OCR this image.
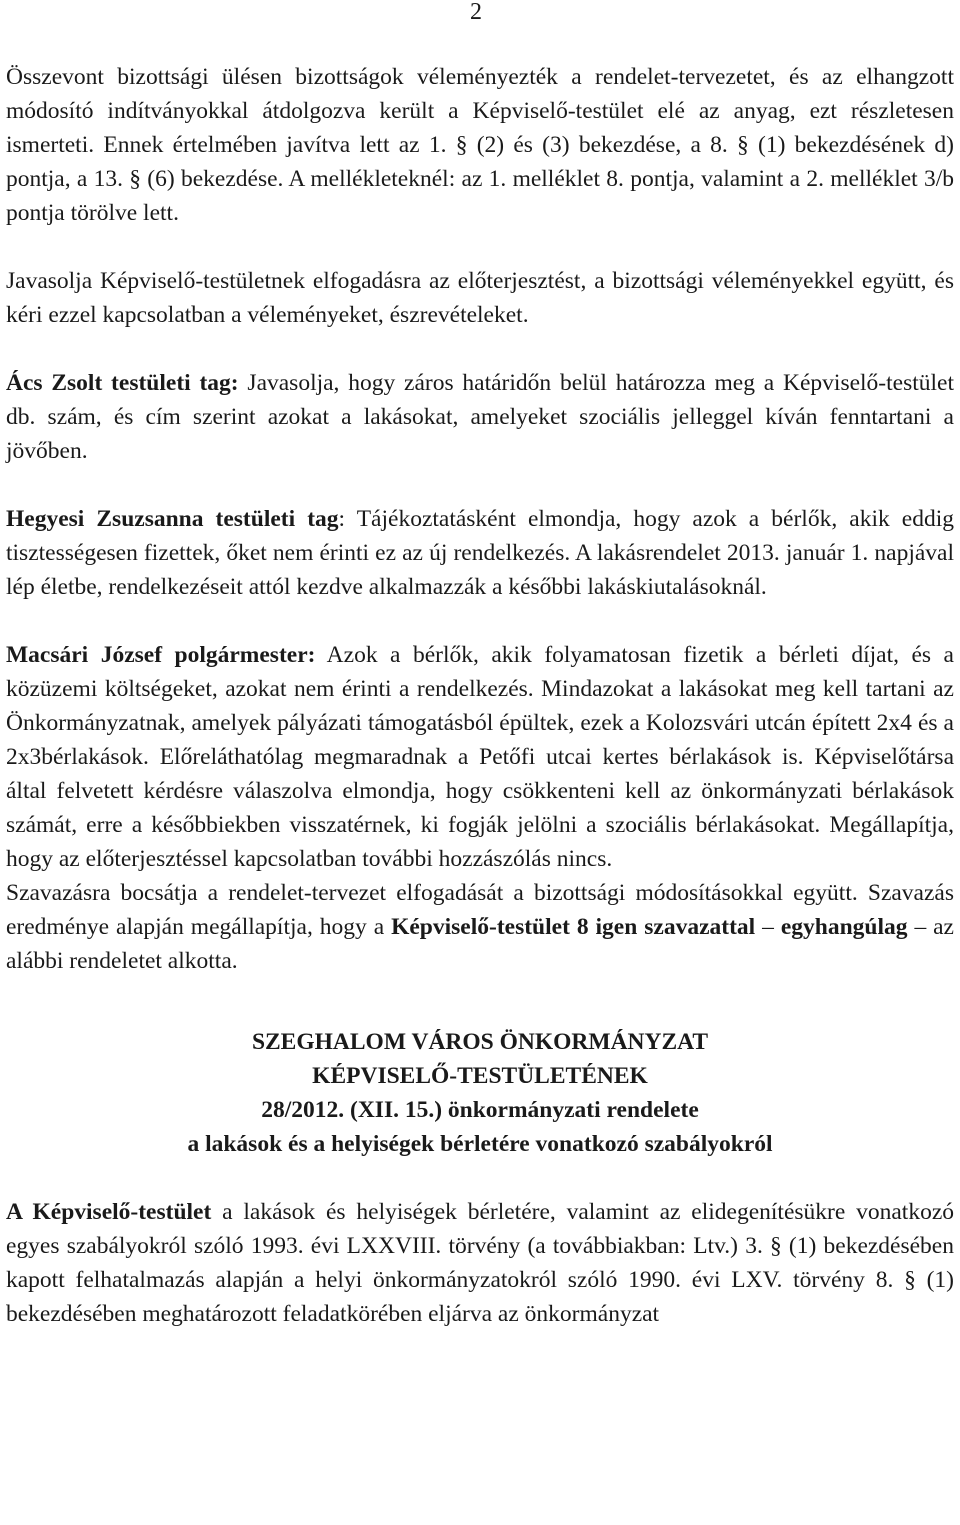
2

Összevont bizottsági ülésen bizottságok véleményezték a rendelet-tervezetet, és az elhangzott módosító indítványokkal átdolgozva került a Képviselő-testület elé az anyag, ezt részletesen ismerteti. Ennek értelmében javítva lett az 1. § (2) és (3) bekezdése, a 8. § (1) bekezdésének d) pontja, a 13. § (6) bekezdése. A mellékleteknél: az 1. melléklet 8. pontja, valamint a 2. melléklet 3/b pontja törölve lett.

Javasolja Képviselő-testületnek elfogadásra az előterjesztést, a bizottsági véleményekkel együtt, és kéri ezzel kapcsolatban a véleményeket, észrevételeket.

Ács Zsolt testületi tag: Javasolja, hogy záros határidőn belül határozza meg a Képviselő-testület db. szám, és cím szerint azokat a lakásokat, amelyeket szociális jelleggel kíván fenntartani a jövőben.

Hegyesi Zsuzsanna testületi tag: Tájékoztatásként elmondja, hogy azok a bérlők, akik eddig tisztességesen fizettek, őket nem érinti ez az új rendelkezés. A lakásrendelet 2013. január 1. napjával lép életbe, rendelkezéseit attól kezdve alkalmazzák a későbbi lakáskiutalásoknál.

Macsári József polgármester: Azok a bérlők, akik folyamatosan fizetik a bérleti díjat, és a közüzemi költségeket, azokat nem érinti a rendelkezés. Mindazokat a lakásokat meg kell tartani az Önkormányzatnak, amelyek pályázati támogatásból épültek, ezek a Kolozsvári utcán épített 2x4 és a 2x3bérlakások. Előreláthatólag megmaradnak a Petőfi utcai kertes bérlakások is. Képviselőtársa által felvetett kérdésre válaszolva elmondja, hogy csökkenteni kell az önkormányzati bérlakások számát, erre a későbbiekben visszatérnek, ki fogják jelölni a szociális bérlakásokat. Megállapítja, hogy az előterjesztéssel kapcsolatban további hozzászólás nincs.

Szavazásra bocsátja a rendelet-tervezet elfogadását a bizottsági módosításokkal együtt. Szavazás eredménye alapján megállapítja, hogy a Képviselő-testület 8 igen szavazattal – egyhangúlag – az alábbi rendeletet alkotta.

SZEGHALOM VÁROS ÖNKORMÁNYZAT

KÉPVISELŐ-TESTÜLETÉNEK

28/2012. (XII. 15.) önkormányzati rendelete

a lakások és a helyiségek bérletére vonatkozó szabályokról

A Képviselő-testület a lakások és helyiségek bérletére, valamint az elidegenítésükre vonatkozó egyes szabályokról szóló 1993. évi LXXVIII. törvény (a továbbiakban: Ltv.) 3. § (1) bekezdésében kapott felhatalmazás alapján a helyi önkormányzatokról szóló 1990. évi LXV. törvény 8. § (1) bekezdésében meghatározott feladatkörében eljárva az önkormányzat
